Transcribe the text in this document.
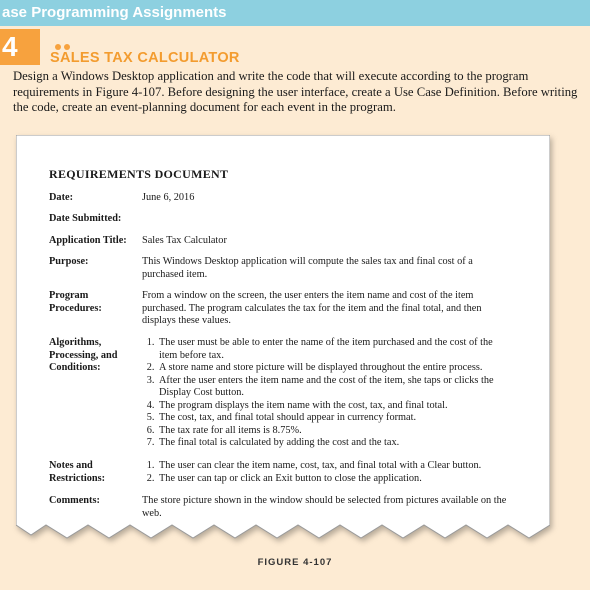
ase Programming Assignments
4	SALES TAX CALCULATOR
Design a Windows Desktop application and write the code that will execute according to the program requirements in Figure 4-107. Before designing the user interface, create a Use Case Definition. Before writing the code, create an event-planning document for each event in the program.
REQUIREMENTS DOCUMENT
Date:	June 6, 2016
Date Submitted:
Application Title:	Sales Tax Calculator
Purpose:	This Windows Desktop application will compute the sales tax and final cost of a purchased item.
Program Procedures:
From a window on the screen, the user enters the item name and cost of the item purchased. The program calculates the tax for the item and the final total, and then displays these values.
Algorithms, Processing, and Conditions:
1. The user must be able to enter the name of the item purchased and the cost of the item before tax.
2. A store name and store picture will be displayed throughout the entire process.
3. After the user enters the item name and the cost of the item, she taps or clicks the Display Cost button.
4. The program displays the item name with the cost, tax, and final total.
5. The cost, tax, and final total should appear in currency format.
6. The tax rate for all items is 8.75%.
7. The final total is calculated by adding the cost and the tax.
Notes and Restrictions:
1. The user can clear the item name, cost, tax, and final total with a Clear button.
2. The user can tap or click an Exit button to close the application.
Comments:	The store picture shown in the window should be selected from pictures available on the web.
FIGURE 4-107
